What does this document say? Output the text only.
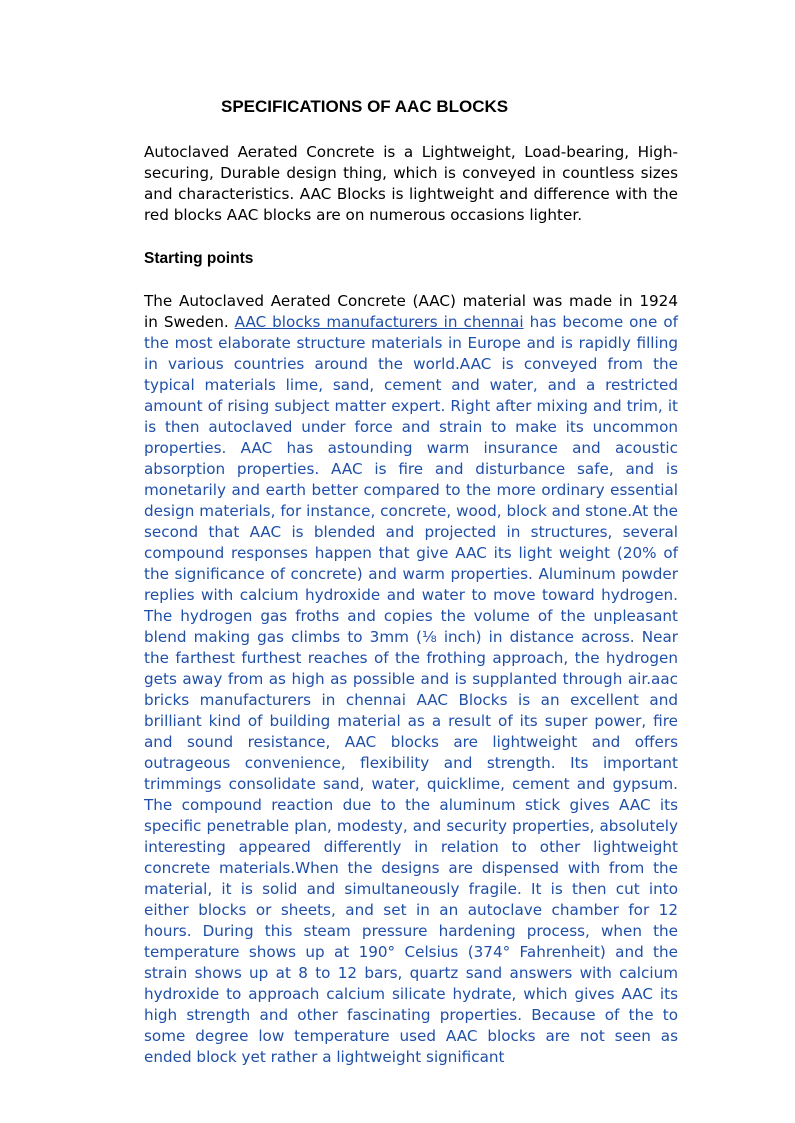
SPECIFICATIONS OF AAC BLOCKS

Autoclaved Aerated Concrete is a Lightweight, Load-bearing, High-securing, Durable design thing, which is conveyed in countless sizes and characteristics. AAC Blocks is lightweight and difference with the red blocks AAC blocks are on numerous occasions lighter.

Starting points

The Autoclaved Aerated Concrete (AAC) material was made in 1924 in Sweden. AAC blocks manufacturers in chennai has become one of the most elaborate structure materials in Europe and is rapidly filling in various countries around the world.AAC is conveyed from the typical materials lime, sand, cement and water, and a restricted amount of rising subject matter expert. Right after mixing and trim, it is then autoclaved under force and strain to make its uncommon properties. AAC has astounding warm insurance and acoustic absorption properties. AAC is fire and disturbance safe, and is monetarily and earth better compared to the more ordinary essential design materials, for instance, concrete, wood, block and stone.At the second that AAC is blended and projected in structures, several compound responses happen that give AAC its light weight (20% of the significance of concrete) and warm properties. Aluminum powder replies with calcium hydroxide and water to move toward hydrogen. The hydrogen gas froths and copies the volume of the unpleasant blend making gas climbs to 3mm (⅛ inch) in distance across. Near the farthest furthest reaches of the frothing approach, the hydrogen gets away from as high as possible and is supplanted through air.aac bricks manufacturers in chennai AAC Blocks is an excellent and brilliant kind of building material as a result of its super power, fire and sound resistance, AAC blocks are lightweight and offers outrageous convenience, flexibility and strength. Its important trimmings consolidate sand, water, quicklime, cement and gypsum. The compound reaction due to the aluminum stick gives AAC its specific penetrable plan, modesty, and security properties, absolutely interesting appeared differently in relation to other lightweight concrete materials.When the designs are dispensed with from the material, it is solid and simultaneously fragile. It is then cut into either blocks or sheets, and set in an autoclave chamber for 12 hours. During this steam pressure hardening process, when the temperature shows up at 190° Celsius (374° Fahrenheit) and the strain shows up at 8 to 12 bars, quartz sand answers with calcium hydroxide to approach calcium silicate hydrate, which gives AAC its high strength and other fascinating properties. Because of the to some degree low temperature used AAC blocks are not seen as ended block yet rather a lightweight significant
